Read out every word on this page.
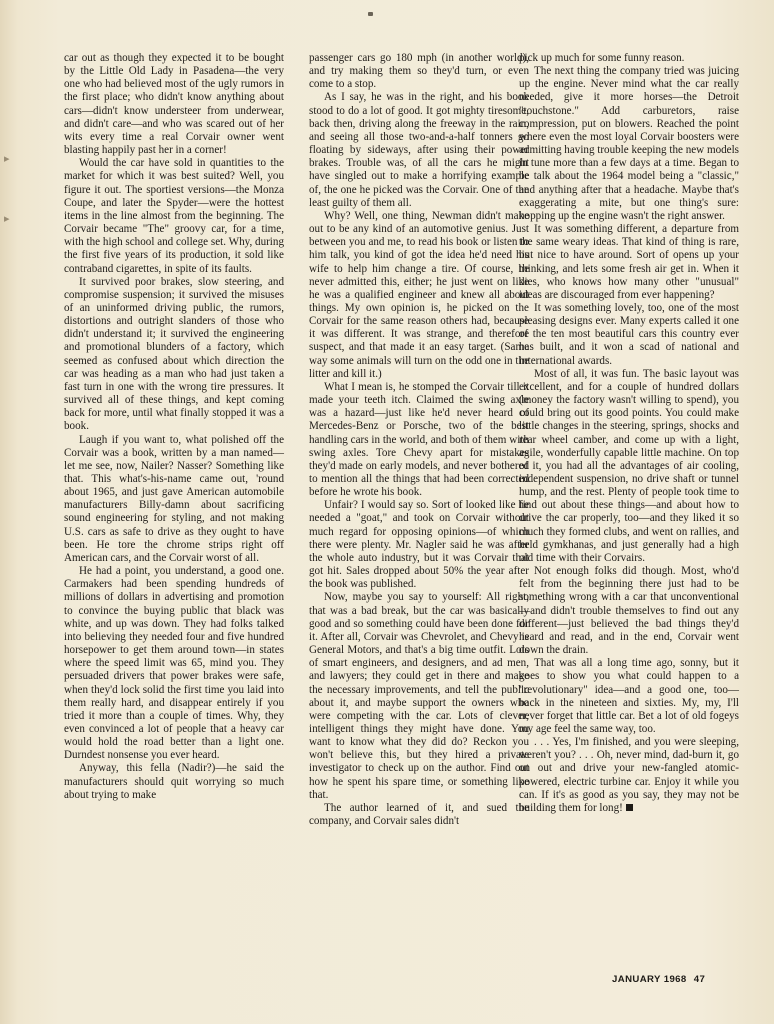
▸
▸

car out as though they expected it to be bought by the Little Old Lady in Pasadena—the very one who had believed most of the ugly rumors in the first place; who didn't know anything about cars—didn't know understeer from underwear, and didn't care—and who was scared out of her wits every time a real Corvair owner went blasting happily past her in a corner!

Would the car have sold in quantities to the market for which it was best suited? Well, you figure it out. The sportiest versions—the Monza Coupe, and later the Spyder—were the hottest items in the line almost from the beginning. The Corvair became "The" groovy car, for a time, with the high school and college set. Why, during the first five years of its production, it sold like contraband cigarettes, in spite of its faults.

It survived poor brakes, slow steering, and compromise suspension; it survived the misuses of an uninformed driving public, the rumors, distortions and outright slanders of those who didn't understand it; it survived the engineering and promotional blunders of a factory, which seemed as confused about which direction the car was heading as a man who had just taken a fast turn in one with the wrong tire pressures. It survived all of these things, and kept coming back for more, until what finally stopped it was a book.

Laugh if you want to, what polished off the Corvair was a book, written by a man named—let me see, now, Nailer? Nasser? Something like that. This what's-his-name came out, 'round about 1965, and just gave American automobile manufacturers Billy-damn about sacrificing sound engineering for styling, and not making U.S. cars as safe to drive as they ought to have been. He tore the chrome strips right off American cars, and the Corvair worst of all.

He had a point, you understand, a good one. Carmakers had been spending hundreds of millions of dollars in advertising and promotion to convince the buying public that black was white, and up was down. They had folks talked into believing they needed four and five hundred horsepower to get them around town—in states where the speed limit was 65, mind you. They persuaded drivers that power brakes were safe, when they'd lock solid the first time you laid into them really hard, and disappear entirely if you tried it more than a couple of times. Why, they even convinced a lot of people that a heavy car would hold the road better than a light one. Durndest nonsense you ever heard.

Anyway, this fella (Nadir?)—he said the manufacturers should quit worrying so much about trying to make

passenger cars go 180 mph (in another world), and try making them so they'd turn, or even come to a stop.

As I say, he was in the right, and his book stood to do a lot of good. It got mighty tiresome, back then, driving along the freeway in the rain, and seeing all those two-and-a-half tonners go floating by sideways, after using their power brakes. Trouble was, of all the cars he might have singled out to make a horrifying example of, the one he picked was the Corvair. One of the least guilty of them all.

Why? Well, one thing, Newman didn't make out to be any kind of an automotive genius. Just between you and me, to read his book or listen to him talk, you kind of got the idea he'd need his wife to help him change a tire. Of course, he never admitted this, either; he just went on like he was a qualified engineer and knew all about things. My own opinion is, he picked on the Corvair for the same reason others had, because it was different. It was strange, and therefore suspect, and that made it an easy target. (Same way some animals will turn on the odd one in the litter and kill it.)

What I mean is, he stomped the Corvair till it made your teeth itch. Claimed the swing axle was a hazard—just like he'd never heard of Mercedes-Benz or Porsche, two of the best handling cars in the world, and both of them with swing axles. Tore Chevy apart for mistakes they'd made on early models, and never bothered to mention all the things that had been corrected before he wrote his book.

Unfair? I would say so. Sort of looked like he needed a "goat," and took on Corvair without much regard for opposing opinions—of which there were plenty. Mr. Nagler said he was after the whole auto industry, but it was Corvair that got hit. Sales dropped about 50% the year after the book was published.

Now, maybe you say to yourself: All right, that was a bad break, but the car was basically good and so something could have been done for it. After all, Corvair was Chevrolet, and Chevy is General Motors, and that's a big time outfit. Lots of smart engineers, and designers, and ad men, and lawyers; they could get in there and make the necessary improvements, and tell the public about it, and maybe support the owners who were competing with the car. Lots of clever, intelligent things they might have done. You want to know what they did do? Reckon you won't believe this, but they hired a private investigator to check up on the author. Find out how he spent his spare time, or something like that.

The author learned of it, and sued the company, and Corvair sales didn't

pick up much for some funny reason.

The next thing the company tried was juicing up the engine. Never mind what the car really needed, give it more horses—the Detroit "touchstone." Add carburetors, raise compression, put on blowers. Reached the point where even the most loyal Corvair boosters were admitting having trouble keeping the new models in tune more than a few days at a time. Began to be talk about the 1964 model being a "classic," and anything after that a headache. Maybe that's exaggerating a mite, but one thing's sure: hopping up the engine wasn't the right answer.

It was something different, a departure from the same weary ideas. That kind of thing is rare, but nice to have around. Sort of opens up your thinking, and lets some fresh air get in. When it dies, who knows how many other "unusual" ideas are discouraged from ever happening?

It was something lovely, too, one of the most pleasing designs ever. Many experts called it one of the ten most beautiful cars this country ever has built, and it won a scad of national and international awards.

Most of all, it was fun. The basic layout was excellent, and for a couple of hundred dollars (money the factory wasn't willing to spend), you could bring out its good points. You could make little changes in the steering, springs, shocks and rear wheel camber, and come up with a light, agile, wonderfully capable little machine. On top of it, you had all the advantages of air cooling, independent suspension, no drive shaft or tunnel hump, and the rest. Plenty of people took time to find out about these things—and about how to drive the car properly, too—and they liked it so much they formed clubs, and went on rallies, and held gymkhanas, and just generally had a high old time with their Corvairs.

Not enough folks did though. Most, who'd felt from the beginning there just had to be something wrong with a car that unconventional—and didn't trouble themselves to find out any different—just believed the bad things they'd heard and read, and in the end, Corvair went down the drain.

That was all a long time ago, sonny, but it goes to show you what could happen to a "revolutionary" idea—and a good one, too—back in the nineteen and sixties. My, my, I'll never forget that little car. Bet a lot of old fogeys my age feel the same way, too.

. . . Yes, I'm finished, and you were sleeping, weren't you? . . . Oh, never mind, dad-burn it, go on out and drive your new-fangled atomic-powered, electric turbine car. Enjoy it while you can. If it's as good as you say, they may not be building them for long!

JANUARY 1968 47
